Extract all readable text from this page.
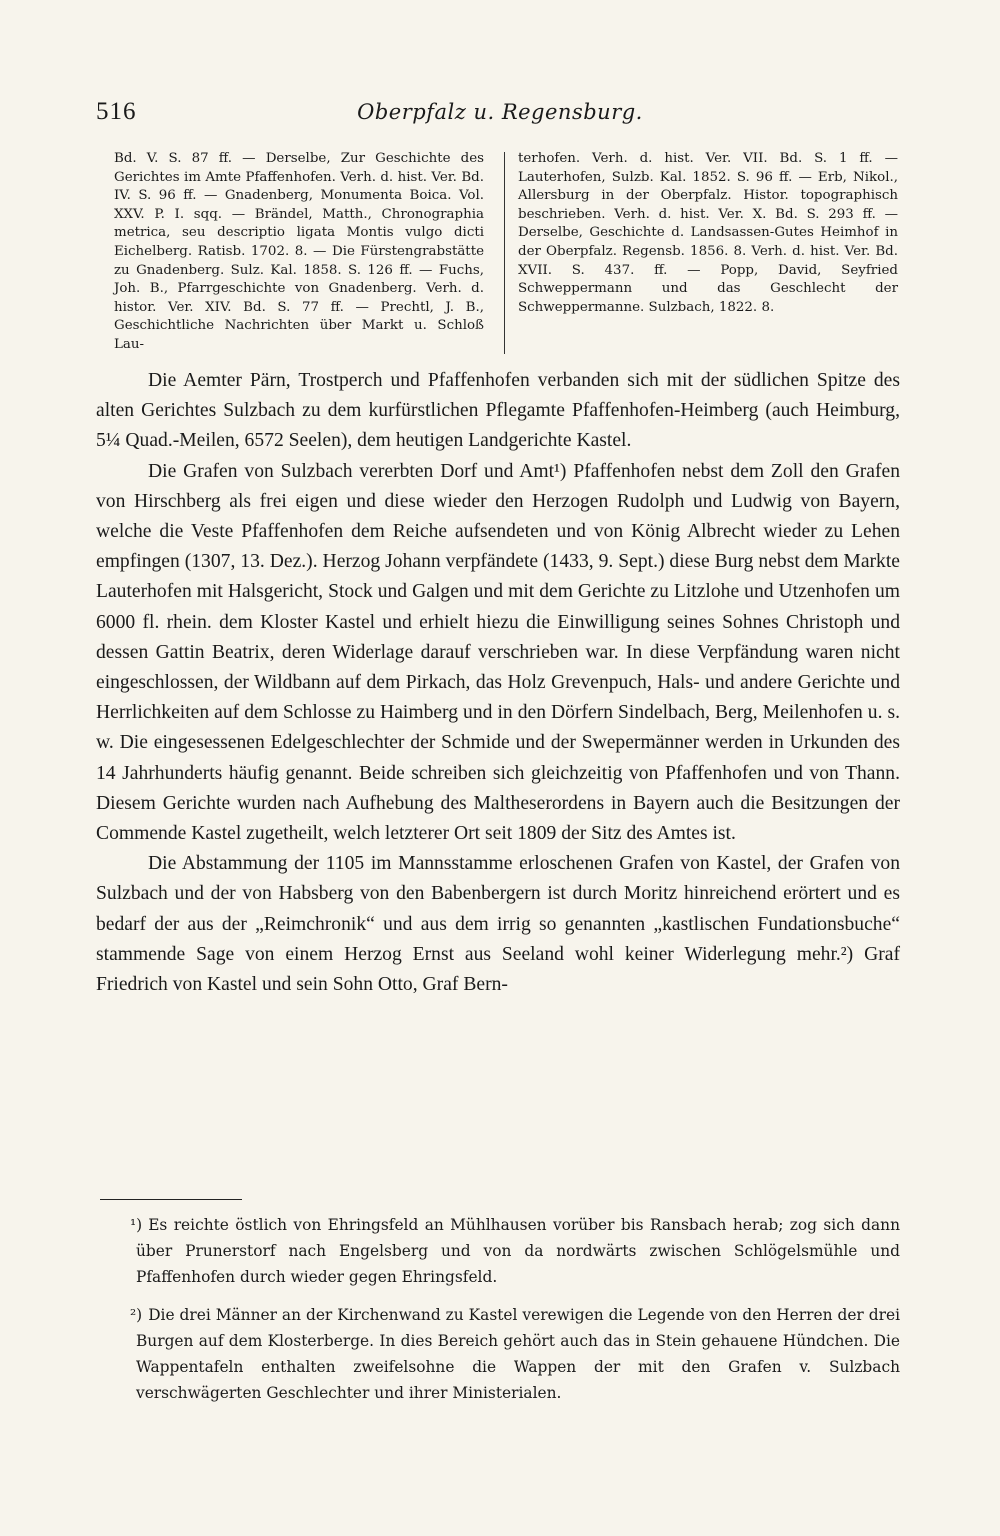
516	Oberpfalz u. Regensburg.
Bd. V. S. 87 ff. — Derselbe, Zur Geschichte des Gerichtes im Amte Pfaffenhofen. Verh. d. hist. Ver. Bd. IV. S. 96 ff. — Gnadenberg, Monumenta Boica. Vol. XXV. P. I. sqq. — Brändel, Matth., Chronographia metrica, seu descriptio ligata Montis vulgo dicti Eichelberg. Ratisb. 1702. 8. — Die Fürstengrabstätte zu Gnadenberg. Sulz. Kal. 1858. S. 126 ff. — Fuchs, Joh. B., Pfarrgeschichte von Gnadenberg. Verh. d. histor. Ver. XIV. Bd. S. 77 ff. — Prechtl, J. B., Geschichtliche Nachrichten über Markt u. Schloß Lau-
terhofen. Verh. d. hist. Ver. VII. Bd. S. 1 ff. — Lauterhofen, Sulzb. Kal. 1852. S. 96 ff. — Erb, Nikol., Allersburg in der Oberpfalz. Histor. topographisch beschrieben. Verh. d. hist. Ver. X. Bd. S. 293 ff. — Derselbe, Geschichte d. Landsassen-Gutes Heimhof in der Oberpfalz. Regensb. 1856. 8. Verh. d. hist. Ver. Bd. XVII. S. 437. ff. — Popp, David, Seyfried Schweppermann und das Geschlecht der Schweppermanne. Sulzbach, 1822. 8.

Die Aemter Pärn, Trostperch und Pfaffenhofen verbanden sich mit der südlichen Spitze des alten Gerichtes Sulzbach zu dem kurfürstlichen Pflegamte Pfaffenhofen-Heimberg (auch Heimburg, 5¼ Quad.-Meilen, 6572 Seelen), dem heutigen Landgerichte Kastel.

Die Grafen von Sulzbach vererbten Dorf und Amt¹) Pfaffenhofen nebst dem Zoll den Grafen von Hirschberg als frei eigen und diese wieder den Herzogen Rudolph und Ludwig von Bayern, welche die Veste Pfaffenhofen dem Reiche aufsendeten und von König Albrecht wieder zu Lehen empfingen (1307, 13. Dez.). Herzog Johann verpfändete (1433, 9. Sept.) diese Burg nebst dem Markte Lauterhofen mit Halsgericht, Stock und Galgen und mit dem Gerichte zu Litzlohe und Utzenhofen um 6000 fl. rhein. dem Kloster Kastel und erhielt hiezu die Einwilligung seines Sohnes Christoph und dessen Gattin Beatrix, deren Widerlage darauf verschrieben war. In diese Verpfändung waren nicht eingeschlossen, der Wildbann auf dem Pirkach, das Holz Grevenpuch, Hals- und andere Gerichte und Herrlichkeiten auf dem Schlosse zu Haimberg und in den Dörfern Sindelbach, Berg, Meilenhofen u. s. w. Die eingesessenen Edelgeschlechter der Schmide und der Swepermänner werden in Urkunden des 14 Jahrhunderts häufig genannt. Beide schreiben sich gleichzeitig von Pfaffenhofen und von Thann. Diesem Gerichte wurden nach Aufhebung des Maltheserordens in Bayern auch die Besitzungen der Commende Kastel zugetheilt, welch letzterer Ort seit 1809 der Sitz des Amtes ist.

Die Abstammung der 1105 im Mannsstamme erloschenen Grafen von Kastel, der Grafen von Sulzbach und der von Habsberg von den Babenbergern ist durch Moritz hinreichend erörtert und es bedarf der aus der „Reimchronik“ und aus dem irrig so genannten „kastlischen Fundationsbuche“ stammende Sage von einem Herzog Ernst aus Seeland wohl keiner Widerlegung mehr.²) Graf Friedrich von Kastel und sein Sohn Otto, Graf Bern-

¹) Es reichte östlich von Ehringsfeld an Mühlhausen vorüber bis Ransbach herab; zog sich dann über Prunerstorf nach Engelsberg und von da nordwärts zwischen Schlögelsmühle und Pfaffenhofen durch wieder gegen Ehringsfeld.

²) Die drei Männer an der Kirchenwand zu Kastel verewigen die Legende von den Herren der drei Burgen auf dem Klosterberge. In dies Bereich gehört auch das in Stein gehauene Hündchen. Die Wappentafeln enthalten zweifelsohne die Wappen der mit den Grafen v. Sulzbach verschwägerten Geschlechter und ihrer Ministerialen.
